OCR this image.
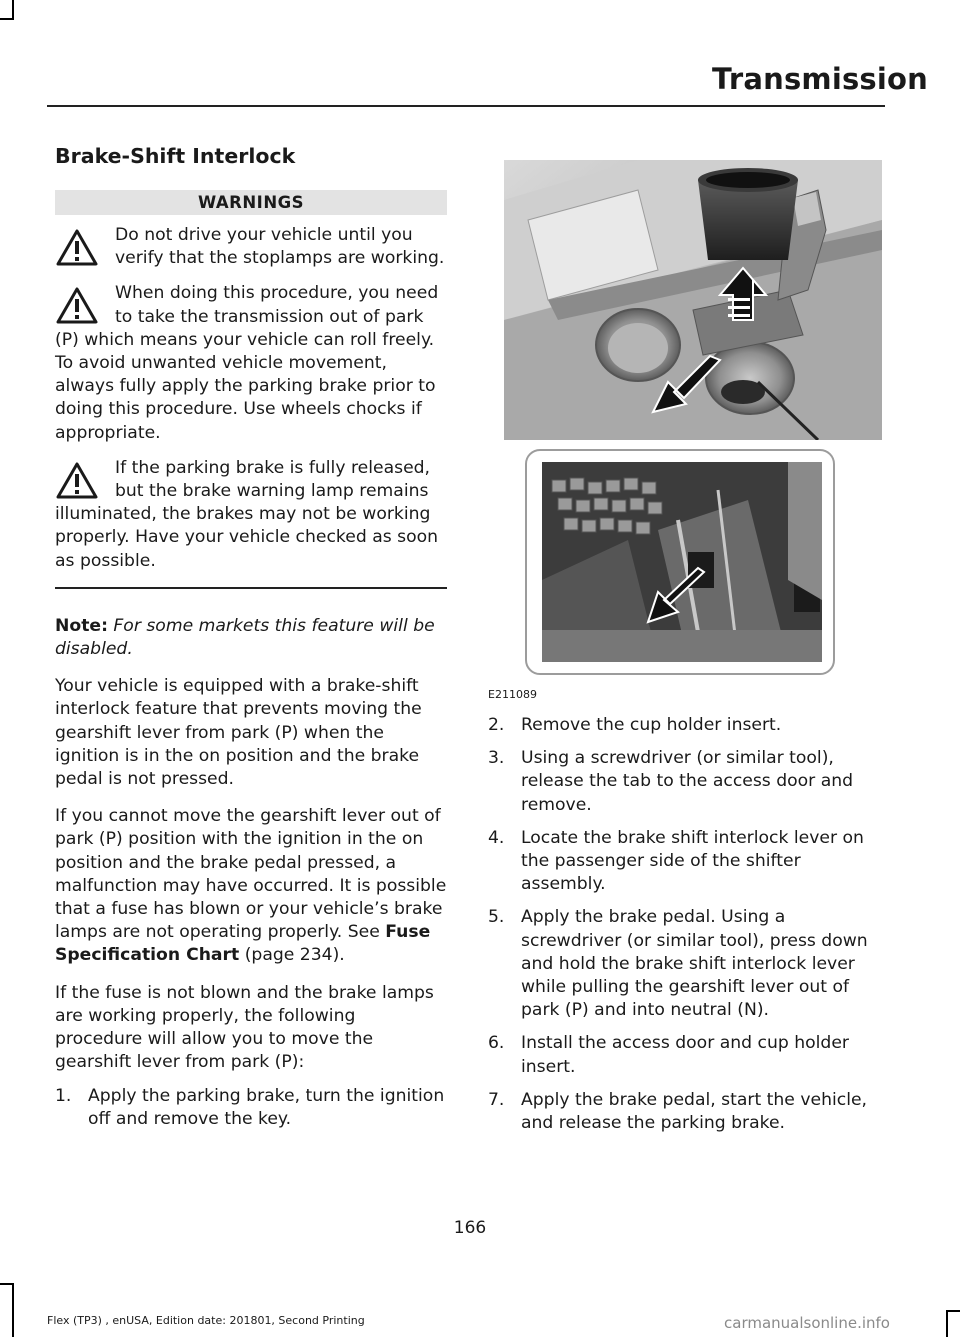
Transmission
Brake-Shift Interlock
WARNINGS
Do not drive your vehicle until you verify that the stoplamps are working.
When doing this procedure, you need to take the transmission out of park (P) which means your vehicle can roll freely. To avoid unwanted vehicle movement, always fully apply the parking brake prior to doing this procedure. Use wheels chocks if appropriate.
If the parking brake is fully released, but the brake warning lamp remains illuminated, the brakes may not be working properly. Have your vehicle checked as soon as possible.

Note: For some markets this feature will be disabled.

Your vehicle is equipped with a brake-shift interlock feature that prevents moving the gearshift lever from park (P) when the ignition is in the on position and the brake pedal is not pressed.

If you cannot move the gearshift lever out of park (P) position with the ignition in the on position and the brake pedal pressed, a malfunction may have occurred. It is possible that a fuse has blown or your vehicle’s brake lamps are not operating properly. See Fuse Specification Chart (page 234).

If the fuse is not blown and the brake lamps are working properly, the following procedure will allow you to move the gearshift lever from park (P):

1. Apply the parking brake, turn the ignition off and remove the key.
E211089
2. Remove the cup holder insert.
3. Using a screwdriver (or similar tool), release the tab to the access door and remove.
4. Locate the brake shift interlock lever on the passenger side of the shifter assembly.
5. Apply the brake pedal. Using a screwdriver (or similar tool), press down and hold the brake shift interlock lever while pulling the gearshift lever out of park (P) and into neutral (N).
6. Install the access door and cup holder insert.
7. Apply the brake pedal, start the vehicle, and release the parking brake.
166
Flex (TP3) , enUSA, Edition date: 201801, Second Printing	carmanualsonline.info
